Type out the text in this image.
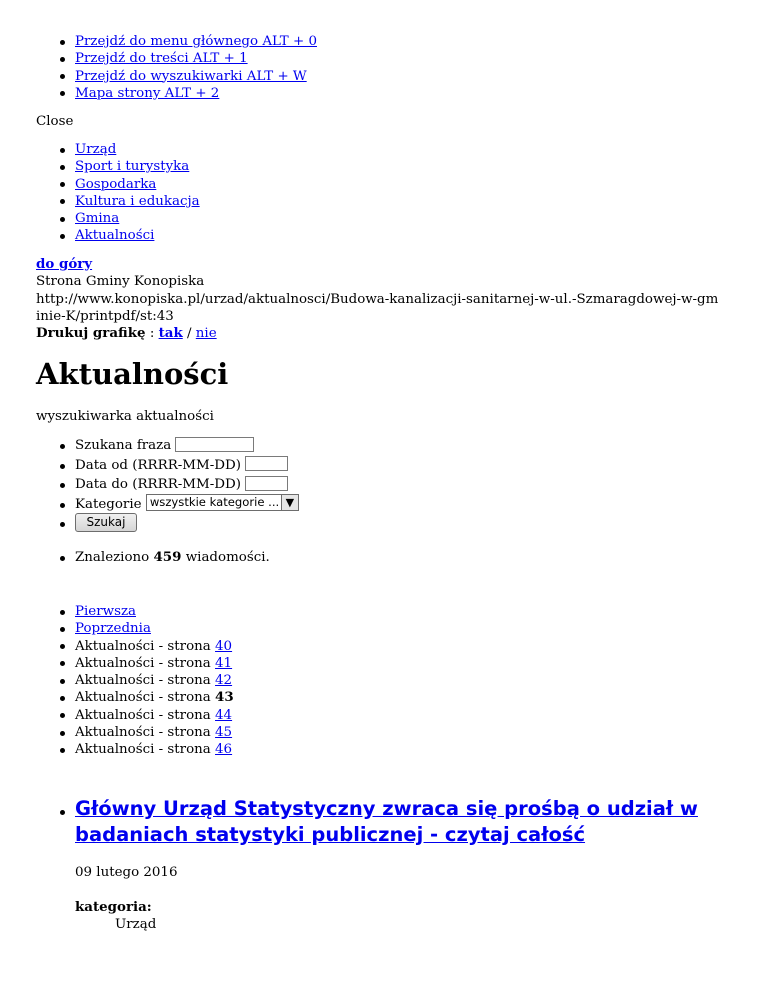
Przejdź do menu głównego ALT + 0
Przejdź do treści ALT + 1
Przejdź do wyszukiwarki ALT + W
Mapa strony ALT + 2
Close
Urząd
Sport i turystyka
Gospodarka
Kultura i edukacja
Gmina
Aktualności
do góry
Strona Gminy Konopiska
http://www.konopiska.pl/urzad/aktualnosci/Budowa-kanalizacji-sanitarnej-w-ul.-Szmaragdowej-w-gminie-K/printpdf/st:43
Drukuj grafikę : tak / nie
Aktualności
wyszukiwarka aktualności
Szukana fraza
Data od (RRRR-MM-DD)
Data do (RRRR-MM-DD)
Kategorie wszystkie kategorie ... ▼
Szukaj
Znaleziono 459 wiadomości.
Pierwsza
Poprzednia
Aktualności - strona 40
Aktualności - strona 41
Aktualności - strona 42
Aktualności - strona 43
Aktualności - strona 44
Aktualności - strona 45
Aktualności - strona 46
Główny Urząd Statystyczny zwraca się prośbą o udział w badaniach statystyki publicznej - czytaj całość
09 lutego 2016
kategoria:
Urząd
